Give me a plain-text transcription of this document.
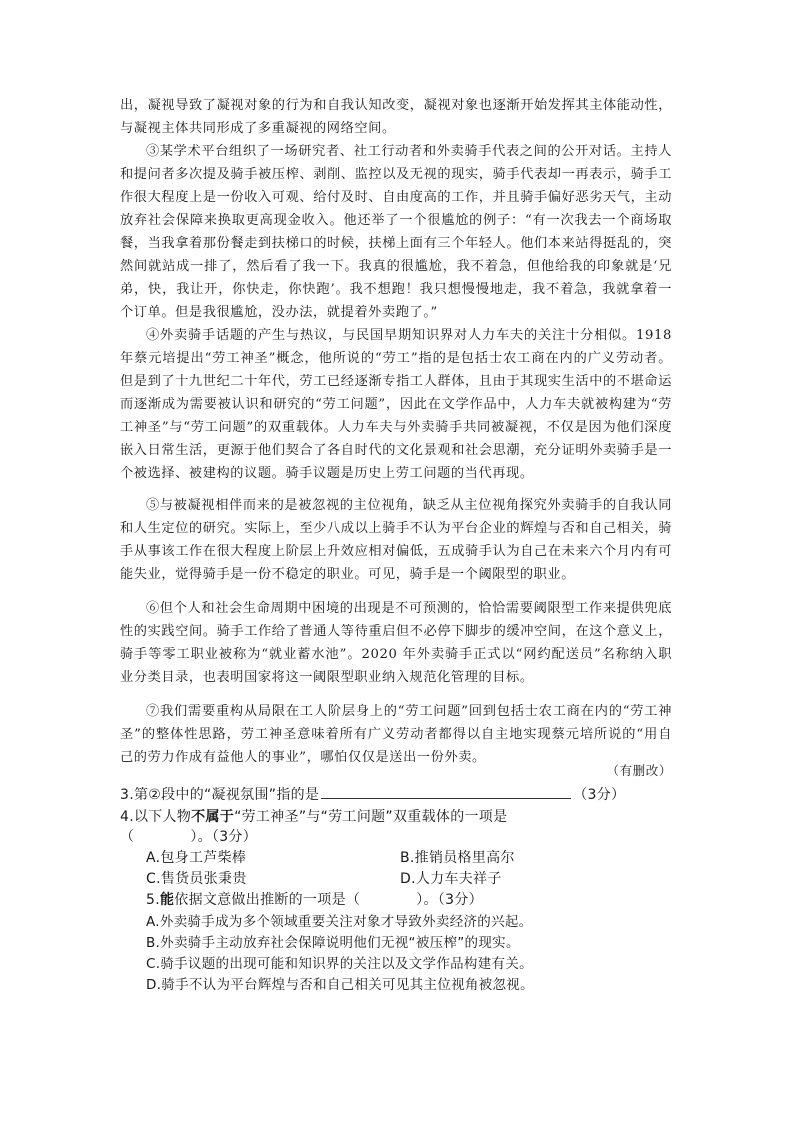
出，凝视导致了凝视对象的行为和自我认知改变，凝视对象也逐渐开始发挥其主体能动性，与凝视主体共同形成了多重凝视的网络空间。

③某学术平台组织了一场研究者、社工行动者和外卖骑手代表之间的公开对话。主持人和提问者多次提及骑手被压榨、剥削、监控以及无视的现实，骑手代表却一再表示，骑手工作很大程度上是一份收入可观、给付及时、自由度高的工作，并且骑手偏好恶劣天气，主动放弃社会保障来换取更高现金收入。他还举了一个很尴尬的例子：“有一次我去一个商场取餐，当我拿着那份餐走到扶梯口的时候，扶梯上面有三个年轻人。他们本来站得挺乱的，突然间就站成一排了，然后看了我一下。我真的很尴尬，我不着急，但他给我的印象就是‘兄弟，快，我让开，你快走，你快跑’。我不想跑！我只想慢慢地走，我不着急，我就拿着一个订单。但是我很尴尬，没办法，就提着外卖跑了。”

④外卖骑手话题的产生与热议，与民国早期知识界对人力车夫的关注十分相似。1918年蔡元培提出“劳工神圣”概念，他所说的“劳工”指的是包括士农工商在内的广义劳动者。但是到了十九世纪二十年代，劳工已经逐渐专指工人群体，且由于其现实生活中的不堪命运而逐渐成为需要被认识和研究的“劳工问题”，因此在文学作品中，人力车夫就被构建为“劳工神圣”与“劳工问题”的双重载体。人力车夫与外卖骑手共同被凝视，不仅是因为他们深度嵌入日常生活，更源于他们契合了各自时代的文化景观和社会思潮，充分证明外卖骑手是一个被选择、被建构的议题。骑手议题是历史上劳工问题的当代再现。

⑤与被凝视相伴而来的是被忽视的主位视角，缺乏从主位视角探究外卖骑手的自我认同和人生定位的研究。实际上，至少八成以上骑手不认为平台企业的辉煌与否和自己相关，骑手从事该工作在很大程度上阶层上升效应相对偏低，五成骑手认为自己在未来六个月内有可能失业，觉得骑手是一份不稳定的职业。可见，骑手是一个阈限型的职业。

⑥但个人和社会生命周期中困境的出现是不可预测的，恰恰需要阈限型工作来提供兜底性的实践空间。骑手工作给了普通人等待重启但不必停下脚步的缓冲空间，在这个意义上，骑手等零工职业被称为“就业蓄水池”。2020 年外卖骑手正式以“网约配送员”名称纳入职业分类目录，也表明国家将这一阈限型职业纳入规范化管理的目标。

⑦我们需要重构从局限在工人阶层身上的“劳工问题”回到包括士农工商在内的“劳工神圣”的整体性思路，劳工神圣意味着所有广义劳动者都得以自主地实现蔡元培所说的“用自己的劳力作成有益他人的事业”，哪怕仅仅是送出一份外卖。

（有删改）

3.第②段中的“凝视氛围”指的是	（3分）

4.以下人物不属于“劳工神圣”与“劳工问题”双重载体的一项是

（	）。（3分）

A.包身工芦柴棒	B.推销员格里高尔

C.售货员张秉贵	D.人力车夫祥子

5.能依据文意做出推断的一项是（	）。（3分）

A.外卖骑手成为多个领域重要关注对象才导致外卖经济的兴起。

B.外卖骑手主动放弃社会保障说明他们无视“被压榨”的现实。

C.骑手议题的出现可能和知识界的关注以及文学作品构建有关。

D.骑手不认为平台辉煌与否和自己相关可见其主位视角被忽视。
